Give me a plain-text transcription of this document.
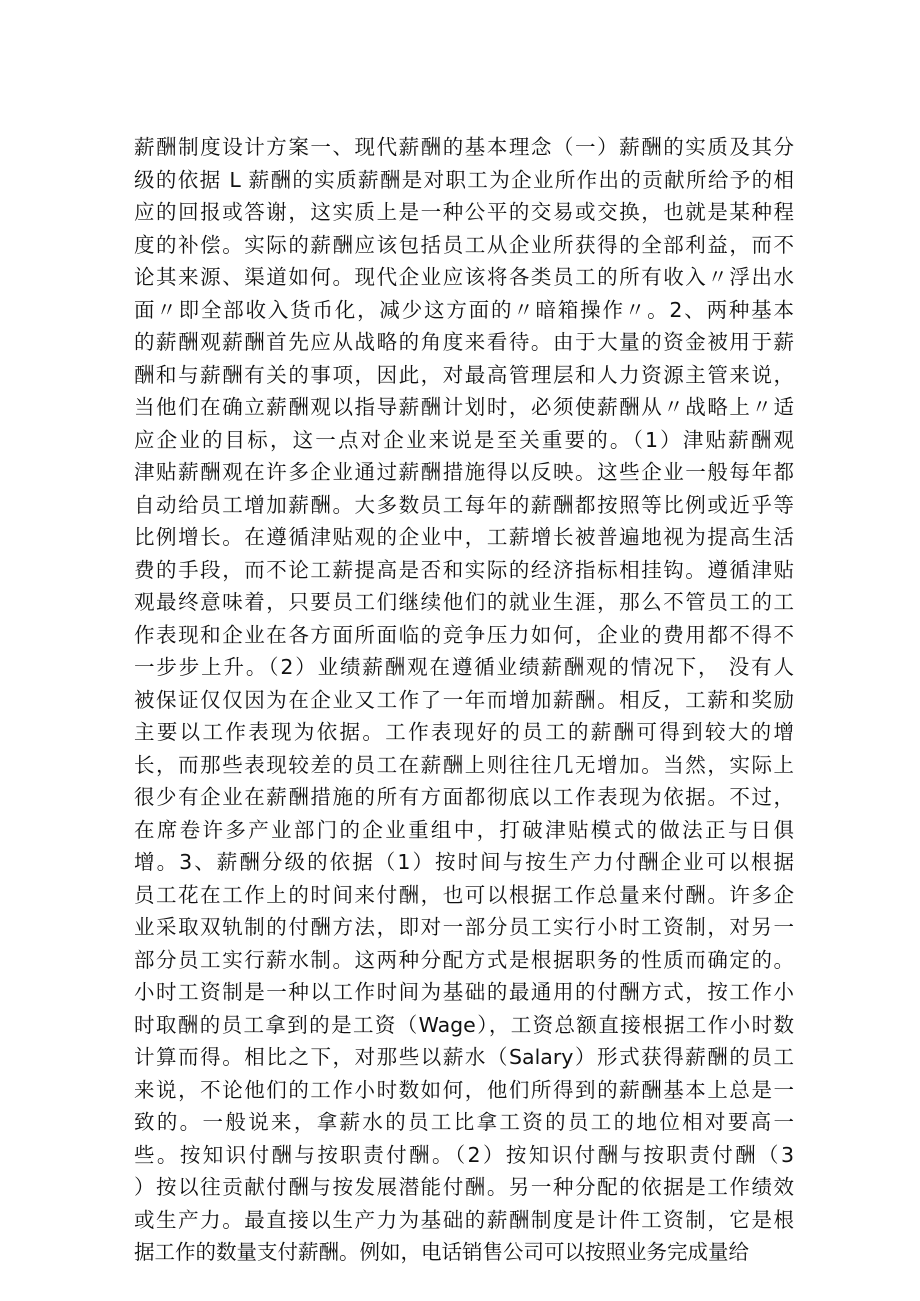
薪酬制度设计方案一、现代薪酬的基本理念（一）薪酬的实质及其分
级的依据 L 薪酬的实质薪酬是对职工为企业所作出的贡献所给予的相
应的回报或答谢，这实质上是一种公平的交易或交换，也就是某种程
度的补偿。实际的薪酬应该包括员工从企业所获得的全部利益，而不
论其来源、渠道如何。现代企业应该将各类员工的所有收入〃浮出水
面〃即全部收入货币化，减少这方面的〃暗箱操作〃。2、两种基本
的薪酬观薪酬首先应从战略的角度来看待。由于大量的资金被用于薪
酬和与薪酬有关的事项，因此，对最高管理层和人力资源主管来说，
当他们在确立薪酬观以指导薪酬计划时，必须使薪酬从〃战略上〃适
应企业的目标，这一点对企业来说是至关重要的。（1）津贴薪酬观
津贴薪酬观在许多企业通过薪酬措施得以反映。这些企业一般每年都
自动给员工增加薪酬。大多数员工每年的薪酬都按照等比例或近乎等
比例增长。在遵循津贴观的企业中，工薪增长被普遍地视为提高生活
费的手段，而不论工薪提高是否和实际的经济指标相挂钩。遵循津贴
观最终意味着，只要员工们继续他们的就业生涯，那么不管员工的工
作表现和企业在各方面所面临的竞争压力如何，企业的费用都不得不
一步步上升。（2）业绩薪酬观在遵循业绩薪酬观的情况下， 没有人
被保证仅仅因为在企业又工作了一年而增加薪酬。相反，工薪和奖励
主要以工作表现为依据。工作表现好的员工的薪酬可得到较大的增
长，而那些表现较差的员工在薪酬上则往往几无增加。当然，实际上
很少有企业在薪酬措施的所有方面都彻底以工作表现为依据。不过，
在席卷许多产业部门的企业重组中，打破津贴模式的做法正与日俱
增。3、薪酬分级的依据（1）按时间与按生产力付酬企业可以根据
员工花在工作上的时间来付酬，也可以根据工作总量来付酬。许多企
业采取双轨制的付酬方法，即对一部分员工实行小时工资制，对另一
部分员工实行薪水制。这两种分配方式是根据职务的性质而确定的。
小时工资制是一种以工作时间为基础的最通用的付酬方式，按工作小
时取酬的员工拿到的是工资（Wage），工资总额直接根据工作小时数
计算而得。相比之下，对那些以薪水（Salary）形式获得薪酬的员工
来说，不论他们的工作小时数如何，他们所得到的薪酬基本上总是一
致的。一般说来，拿薪水的员工比拿工资的员工的地位相对要高一
些。按知识付酬与按职责付酬。（2）按知识付酬与按职责付酬（3
）按以往贡献付酬与按发展潜能付酬。另一种分配的依据是工作绩效
或生产力。最直接以生产力为基础的薪酬制度是计件工资制，它是根
据工作的数量支付薪酬。例如，电话销售公司可以按照业务完成量给
